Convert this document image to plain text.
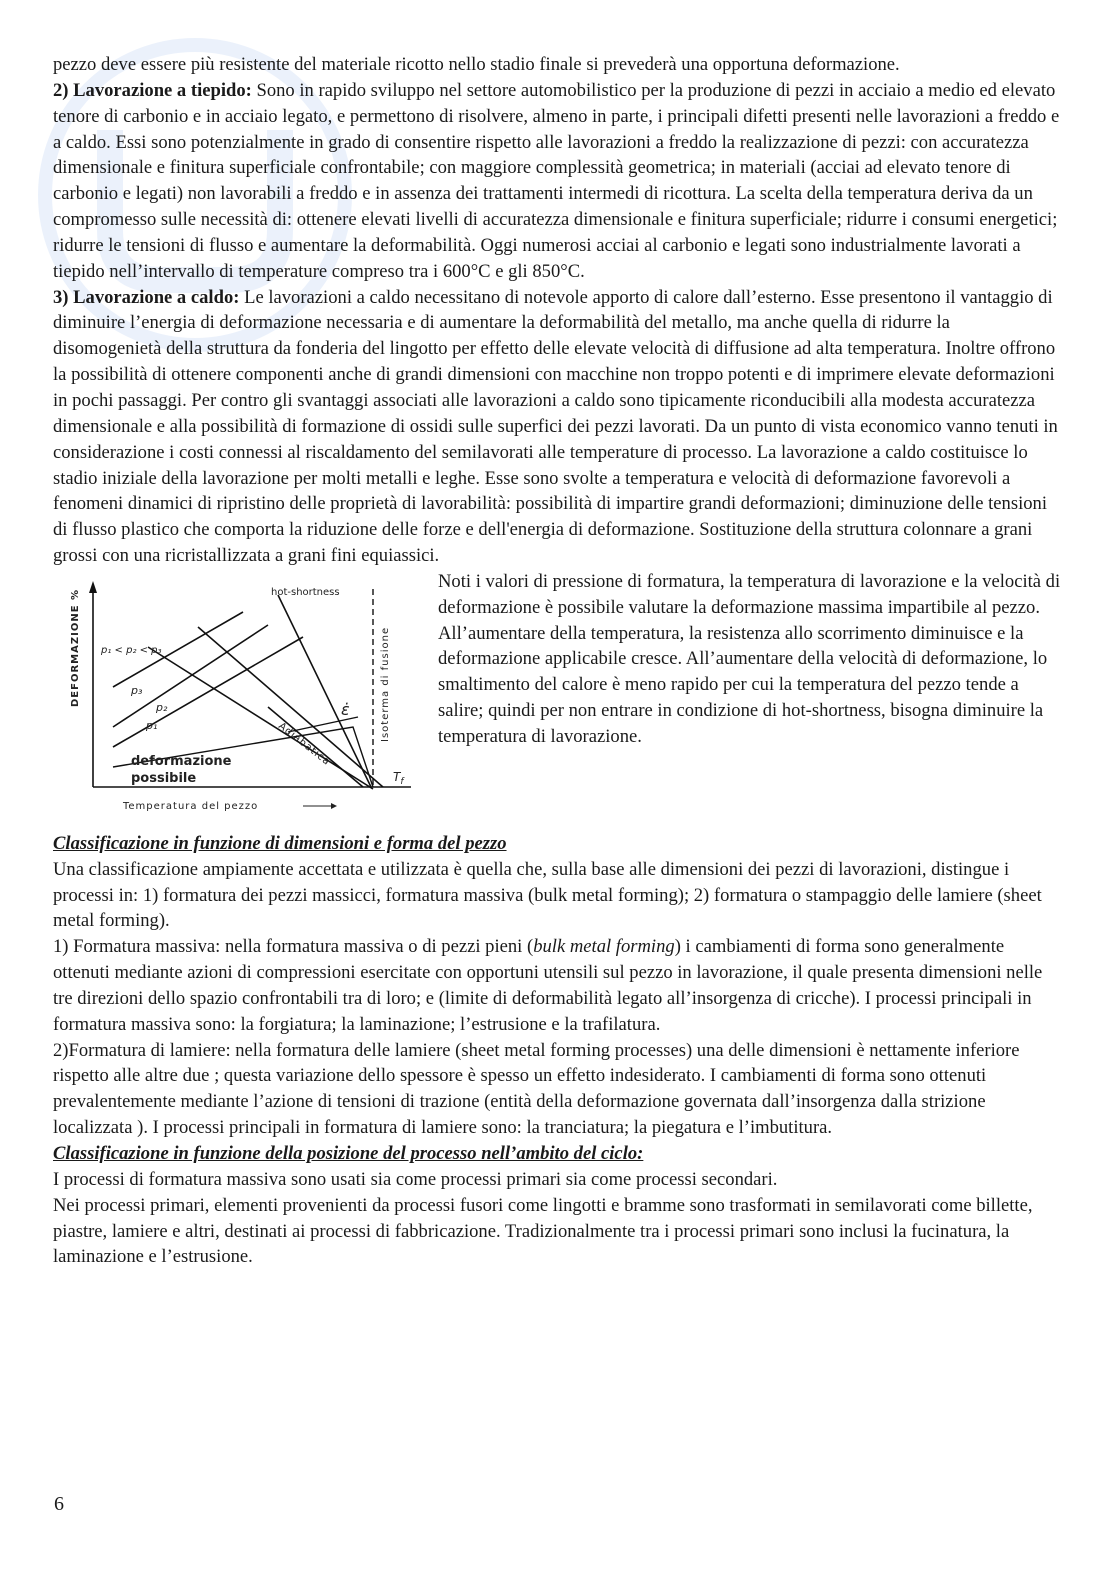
pezzo deve essere più resistente del materiale ricotto nello stadio finale si prevederà una opportuna deformazione.

2) Lavorazione a tiepido: Sono in rapido sviluppo nel settore automobilistico per la produzione di pezzi in acciaio a medio ed elevato tenore di carbonio e in acciaio legato, e permettono di risolvere, almeno in parte, i principali difetti presenti nelle lavorazioni a freddo e a caldo. Essi sono potenzialmente in grado di consentire rispetto alle lavorazioni a freddo la realizzazione di pezzi: con accuratezza dimensionale e finitura superficiale confrontabile; con maggiore complessità geometrica; in materiali (acciai ad elevato tenore di carbonio e legati) non lavorabili a freddo e in assenza dei trattamenti intermedi di ricottura. La scelta della temperatura deriva da un compromesso sulle necessità di: ottenere elevati livelli di accuratezza dimensionale e finitura superficiale; ridurre i consumi energetici; ridurre le tensioni di flusso e aumentare la deformabilità. Oggi numerosi acciai al carbonio e legati sono industrialmente lavorati a tiepido nell’intervallo di temperature compreso tra i 600°C e gli 850°C.

3) Lavorazione a caldo: Le lavorazioni a caldo necessitano di notevole apporto di calore dall’esterno. Esse presentono il vantaggio di diminuire l’energia di deformazione necessaria e di aumentare la deformabilità del metallo, ma anche quella di ridurre la disomogenietà della struttura da fonderia del lingotto per effetto delle elevate velocità di diffusione ad alta temperatura. Inoltre offrono la possibilità di ottenere componenti anche di grandi dimensioni con macchine non troppo potenti e di imprimere elevate deformazioni in pochi passaggi. Per contro gli svantaggi associati alle lavorazioni a caldo sono tipicamente riconducibili alla modesta accuratezza dimensionale e alla possibilità di formazione di ossidi sulle superfici dei pezzi lavorati. Da un punto di vista economico vanno tenuti in considerazione i costi connessi al riscaldamento del semilavorati alle temperature di processo. La lavorazione a caldo costituisce lo stadio iniziale della lavorazione per molti metalli e leghe. Esse sono svolte a temperatura e velocità di deformazione favorevoli a fenomeni dinamici di ripristino delle proprietà di lavorabilità: possibilità di impartire grandi deformazioni; diminuzione delle tensioni di flusso plastico che comporta la riduzione delle forze e dell'energia di deformazione. Sostituzione della struttura colonnare a grani grossi con una ricristallizzata a grani fini equiassici.

DEFORMAZIONE %
Temperatura del pezzo
Isoterma di fusione
hot-shortness
p₁ < p₂ < p₃
p₃
p₂
p₁
ε̇
Adiabatica
deformazione
possibile	$T_f$

Noti i valori di pressione di formatura, la temperatura di lavorazione e la velocità di deformazione è possibile valutare la deformazione massima impartibile al pezzo. All’aumentare della temperatura, la resistenza allo scorrimento diminuisce e la deformazione applicabile cresce. All’aumentare della velocità di deformazione, lo smaltimento del calore è meno rapido per cui la temperatura del pezzo tende a salire; quindi per non entrare in condizione di hot-shortness, bisogna diminuire la temperatura di lavorazione.

Classificazione in funzione di dimensioni e forma del pezzo

Una classificazione ampiamente accettata e utilizzata è quella che, sulla base alle dimensioni dei pezzi di lavorazioni, distingue i processi in: 1) formatura dei pezzi massicci, formatura massiva (bulk metal forming); 2) formatura o stampaggio delle lamiere (sheet metal forming).

1) Formatura massiva: nella formatura massiva o di pezzi pieni (bulk metal forming) i cambiamenti di forma sono generalmente ottenuti mediante azioni di compressioni esercitate con opportuni utensili sul pezzo in lavorazione, il quale presenta dimensioni nelle tre direzioni dello spazio confrontabili tra di loro; e (limite di deformabilità legato all’insorgenza di cricche). I processi principali in formatura massiva sono: la forgiatura; la laminazione; l’estrusione e la trafilatura.

2)Formatura di lamiere: nella formatura delle lamiere (sheet metal forming processes) una delle dimensioni è nettamente inferiore rispetto alle altre due ; questa variazione dello spessore è spesso un effetto indesiderato. I cambiamenti di forma sono ottenuti prevalentemente mediante l’azione di tensioni di trazione (entità della deformazione governata dall’insorgenza dalla strizione localizzata ). I processi principali in formatura di lamiere sono: la tranciatura; la piegatura e l’imbutitura.

Classificazione in funzione della posizione del processo nell’ambito del ciclo:

I processi di formatura massiva sono usati sia come processi primari sia come processi secondari.

Nei processi primari, elementi provenienti da processi fusori come lingotti e bramme sono trasformati in semilavorati come billette, piastre, lamiere e altri, destinati ai processi di fabbricazione. Tradizionalmente tra i processi primari sono inclusi la fucinatura, la laminazione e l’estrusione.

6
